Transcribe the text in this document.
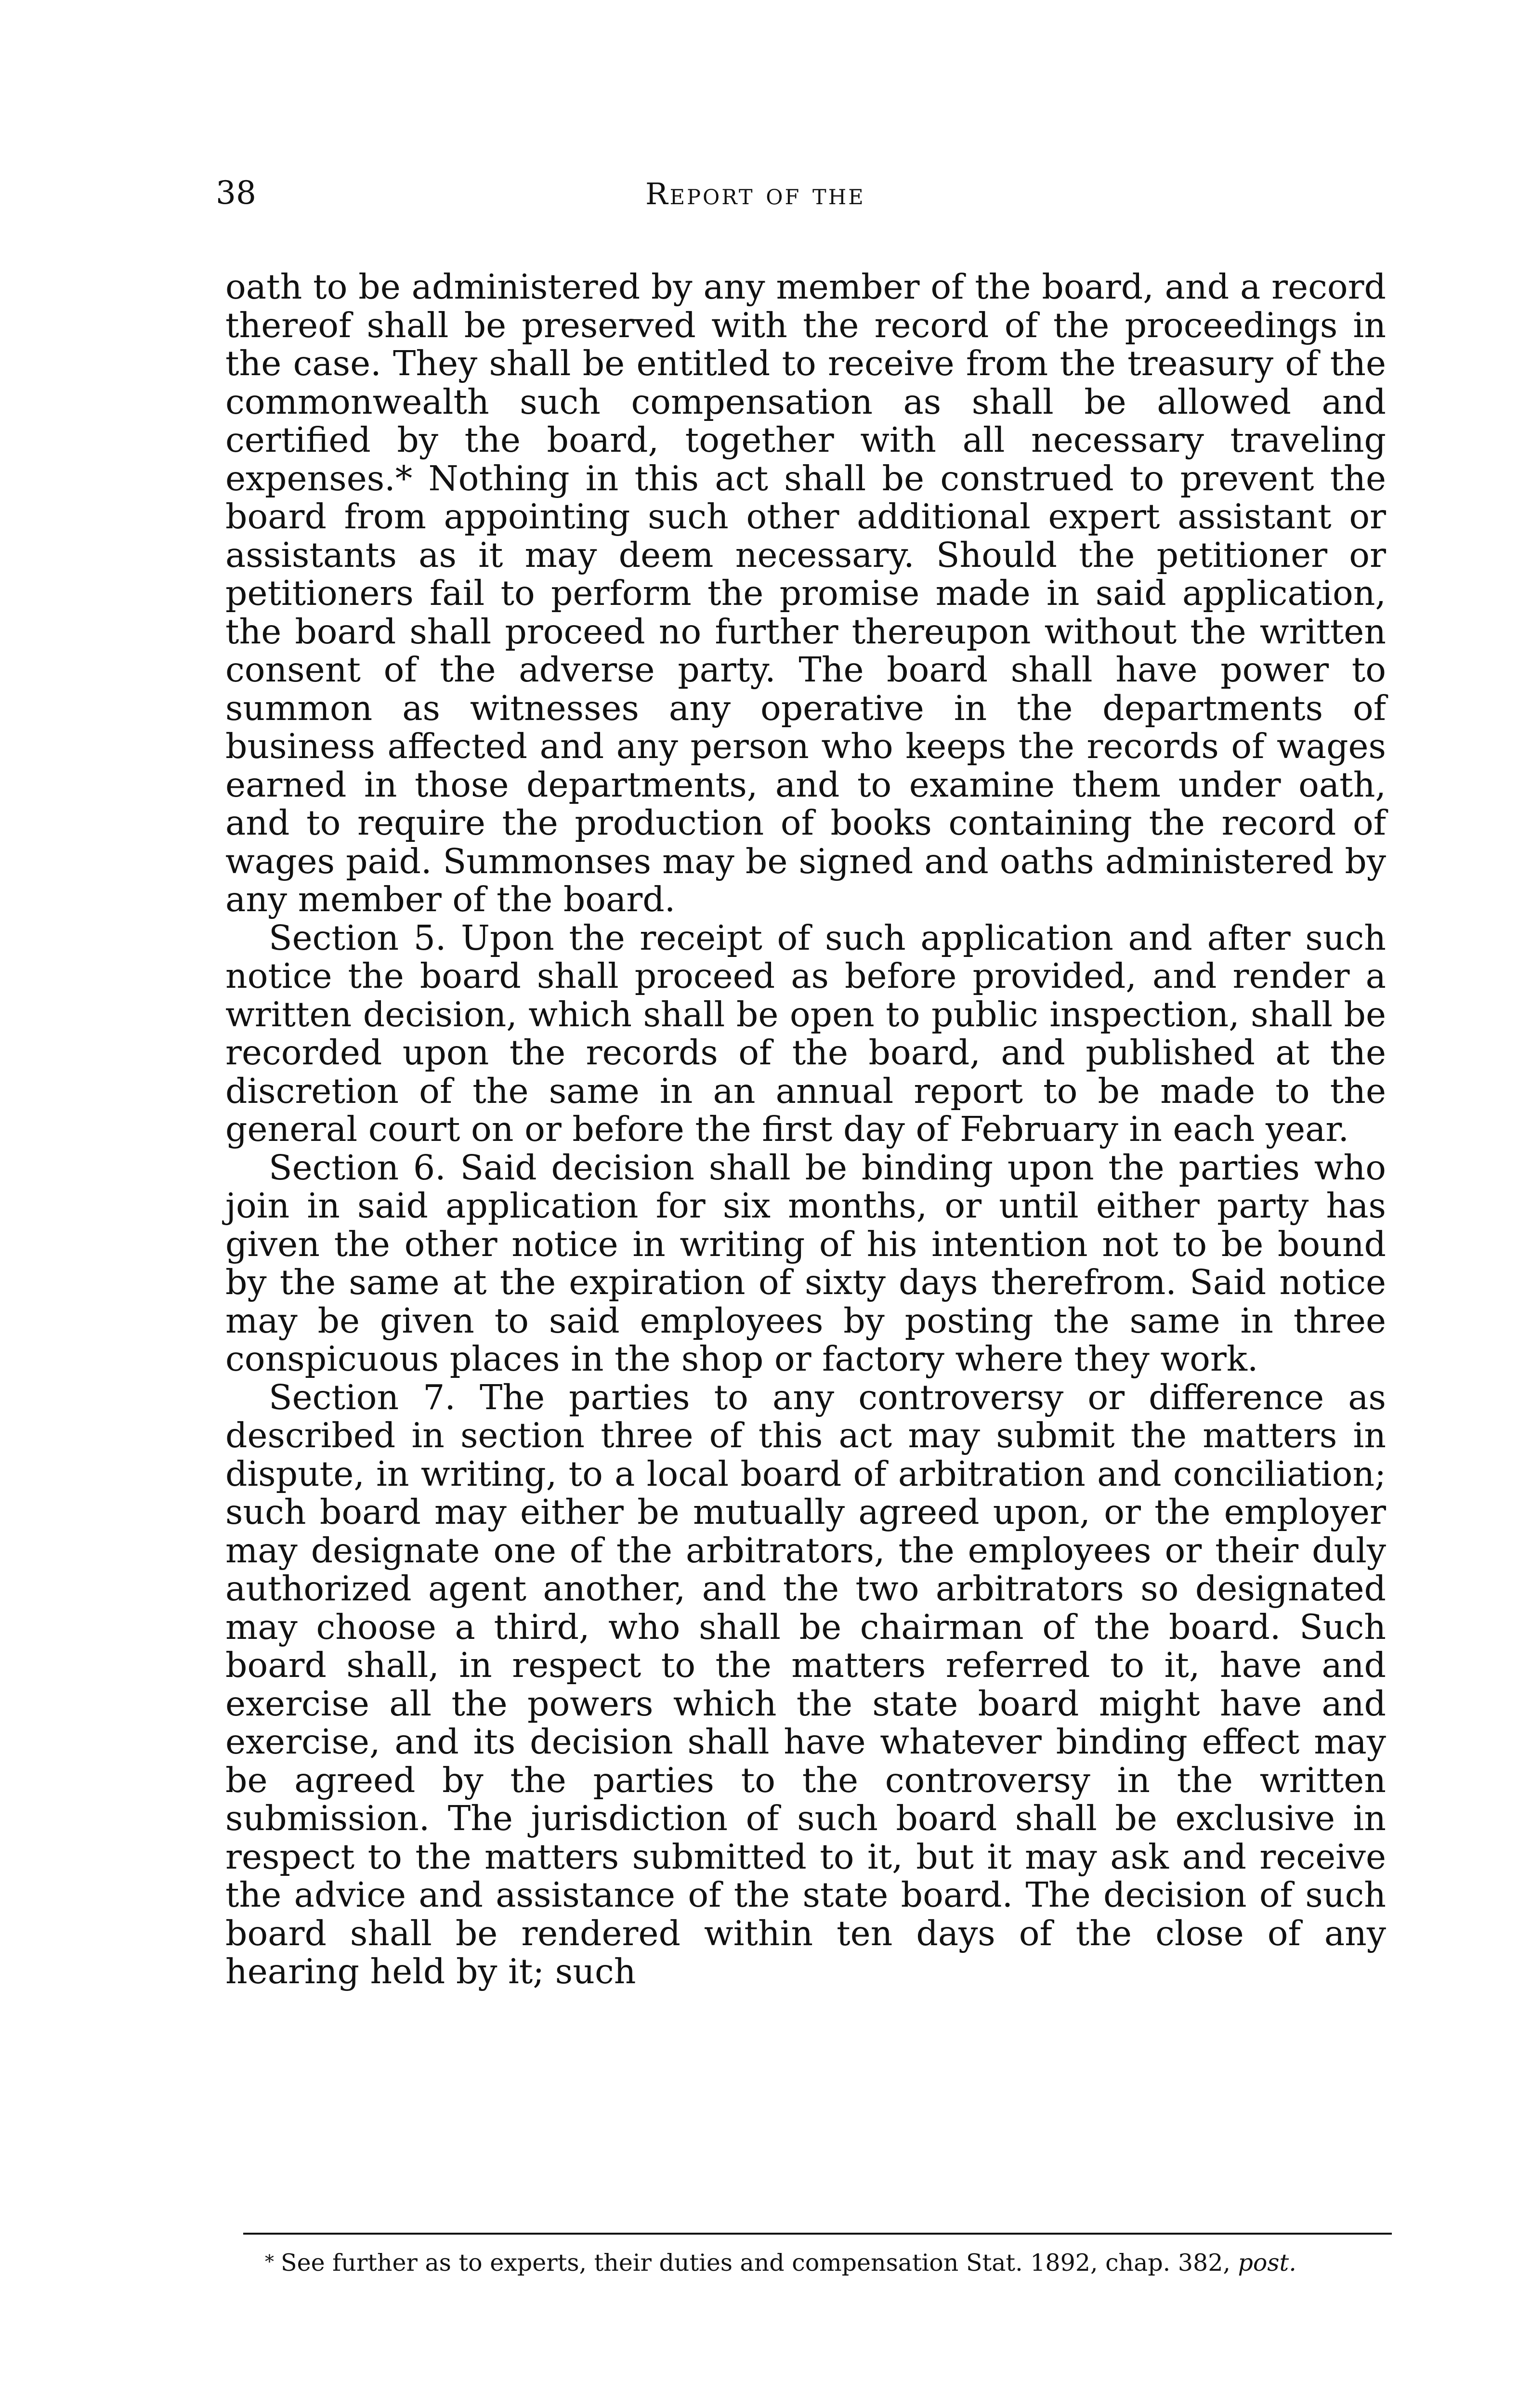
38	Report of the

oath to be administered by any member of the board, and a record thereof shall be preserved with the record of the proceedings in the case. They shall be entitled to receive from the treasury of the commonwealth such compensation as shall be allowed and certified by the board, together with all necessary traveling expenses.* Nothing in this act shall be construed to prevent the board from appointing such other additional expert assistant or assistants as it may deem necessary. Should the petitioner or petitioners fail to perform the promise made in said application, the board shall proceed no further thereupon without the written consent of the adverse party. The board shall have power to summon as witnesses any operative in the departments of business affected and any person who keeps the records of wages earned in those departments, and to examine them under oath, and to require the production of books containing the record of wages paid. Summonses may be signed and oaths administered by any member of the board.

Section 5. Upon the receipt of such application and after such notice the board shall proceed as before provided, and render a written decision, which shall be open to public inspection, shall be recorded upon the records of the board, and published at the discretion of the same in an annual report to be made to the general court on or before the first day of February in each year.

Section 6. Said decision shall be binding upon the parties who join in said application for six months, or until either party has given the other notice in writing of his intention not to be bound by the same at the expiration of sixty days therefrom. Said notice may be given to said employees by posting the same in three conspicuous places in the shop or factory where they work.

Section 7. The parties to any controversy or difference as described in section three of this act may submit the matters in dispute, in writing, to a local board of arbitration and conciliation; such board may either be mutually agreed upon, or the employer may designate one of the arbitrators, the employees or their duly authorized agent another, and the two arbitrators so designated may choose a third, who shall be chairman of the board. Such board shall, in respect to the matters referred to it, have and exercise all the powers which the state board might have and exercise, and its decision shall have whatever binding effect may be agreed by the parties to the controversy in the written submission. The jurisdiction of such board shall be exclusive in respect to the matters submitted to it, but it may ask and receive the advice and assistance of the state board. The decision of such board shall be rendered within ten days of the close of any hearing held by it; such

* See further as to experts, their duties and compensation Stat. 1892, chap. 382, post.
